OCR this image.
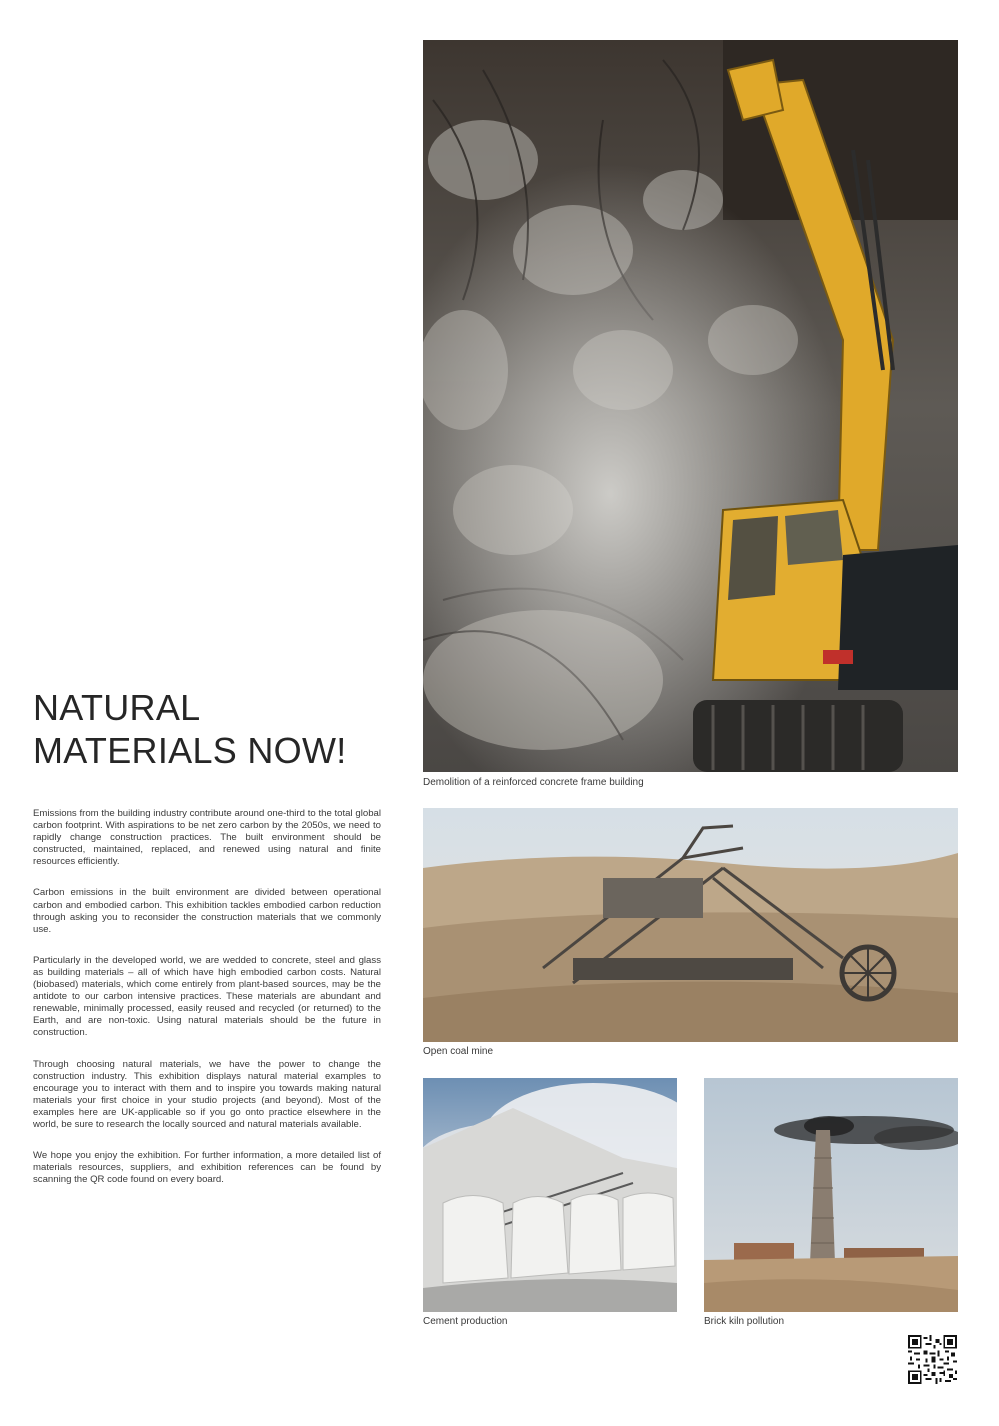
NATURAL MATERIALS NOW!

Emissions from the building industry contribute around one-third to the total global carbon footprint. With aspirations to be net zero carbon by the 2050s, we need to rapidly change construction practices. The built environment should be constructed, maintained, replaced, and renewed using natural and finite resources efficiently.

Carbon emissions in the built environment are divided between operational carbon and embodied carbon. This exhibition tackles embodied carbon reduction through asking you to reconsider the construction materials that we commonly use.

Particularly in the developed world, we are wedded to concrete, steel and glass as building materials – all of which have high embodied carbon costs. Natural (biobased) materials, which come entirely from plant-based sources, may be the antidote to our carbon intensive practices. These materials are abundant and renewable, minimally processed, easily reused and recycled (or returned) to the Earth, and are non-toxic. Using natural materials should be the future in construction.

Through choosing natural materials, we have the power to change the construction industry. This exhibition displays natural material examples to encourage you to interact with them and to inspire you towards making natural materials your first choice in your studio projects (and beyond). Most of the examples here are UK-applicable so if you go onto practice elsewhere in the world, be sure to research the locally sourced and natural materials available.

We hope you enjoy the exhibition. For further information, a more detailed list of materials resources, suppliers, and exhibition references can be found by scanning the QR code found on every board.

Demolition of a reinforced concrete frame building

Open coal mine

Cement production	Brick kiln pollution
